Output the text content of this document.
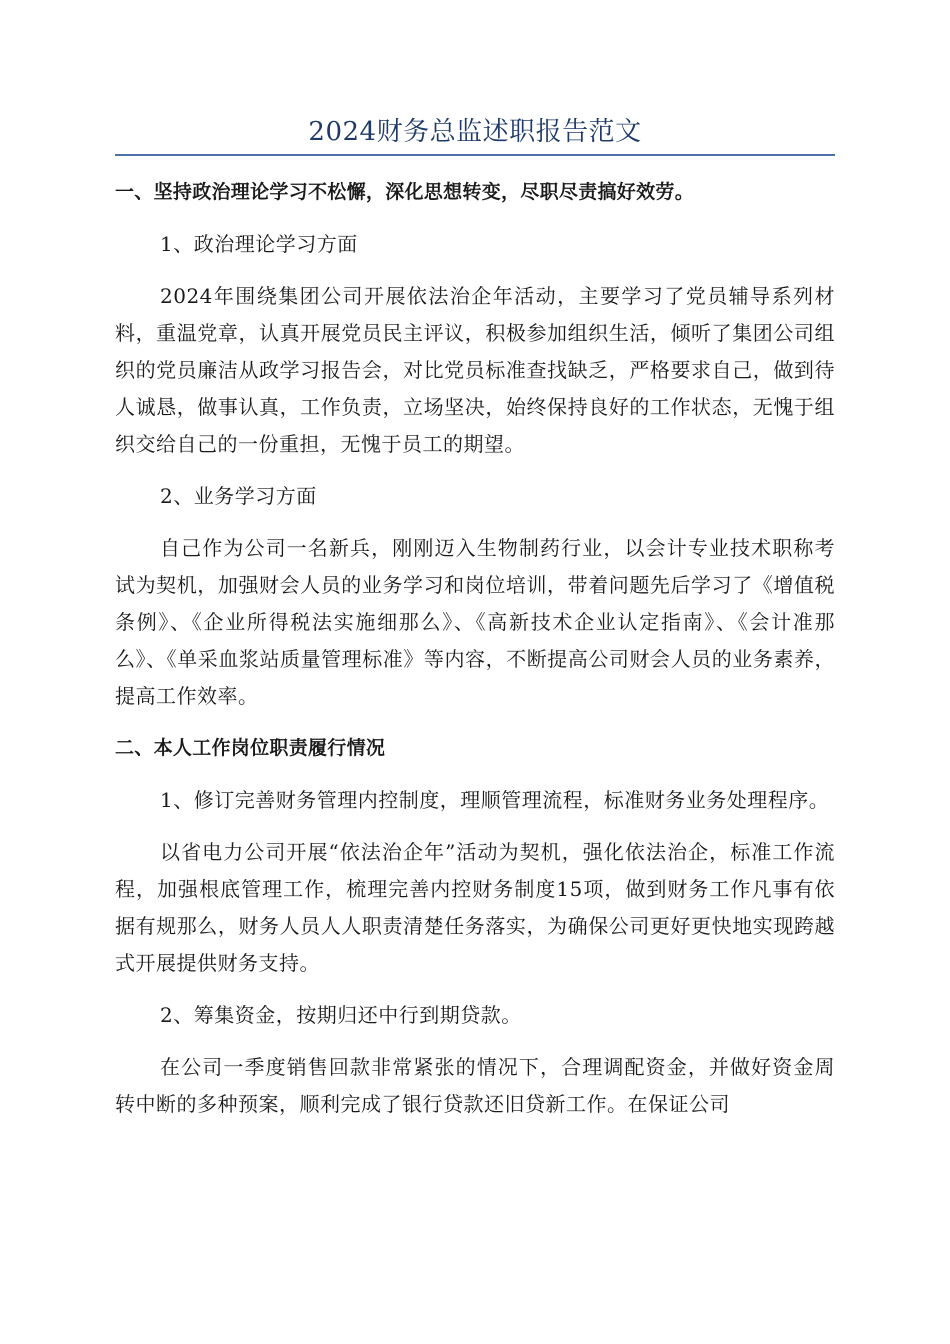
2024财务总监述职报告范文

一、坚持政治理论学习不松懈，深化思想转变，尽职尽责搞好效劳。

1、政治理论学习方面

2024年围绕集团公司开展依法治企年活动，主要学习了党员辅导系列材料，重温党章，认真开展党员民主评议，积极参加组织生活，倾听了集团公司组织的党员廉洁从政学习报告会，对比党员标准查找缺乏，严格要求自己，做到待人诚恳，做事认真，工作负责，立场坚决，始终保持良好的工作状态，无愧于组织交给自己的一份重担，无愧于员工的期望。

2、业务学习方面

自己作为公司一名新兵，刚刚迈入生物制药行业，以会计专业技术职称考试为契机，加强财会人员的业务学习和岗位培训，带着问题先后学习了《增值税条例》、《企业所得税法实施细那么》、《高新技术企业认定指南》、《会计准那么》、《单采血浆站质量管理标准》等内容，不断提高公司财会人员的业务素养，提高工作效率。

二、本人工作岗位职责履行情况

1、修订完善财务管理内控制度，理顺管理流程，标准财务业务处理程序。

以省电力公司开展“依法治企年”活动为契机，强化依法治企，标准工作流程，加强根底管理工作，梳理完善内控财务制度15项，做到财务工作凡事有依据有规那么，财务人员人人职责清楚任务落实，为确保公司更好更快地实现跨越式开展提供财务支持。

2、筹集资金，按期归还中行到期贷款。

在公司一季度销售回款非常紧张的情况下，合理调配资金，并做好资金周转中断的多种预案，顺利完成了银行贷款还旧贷新工作。在保证公司
